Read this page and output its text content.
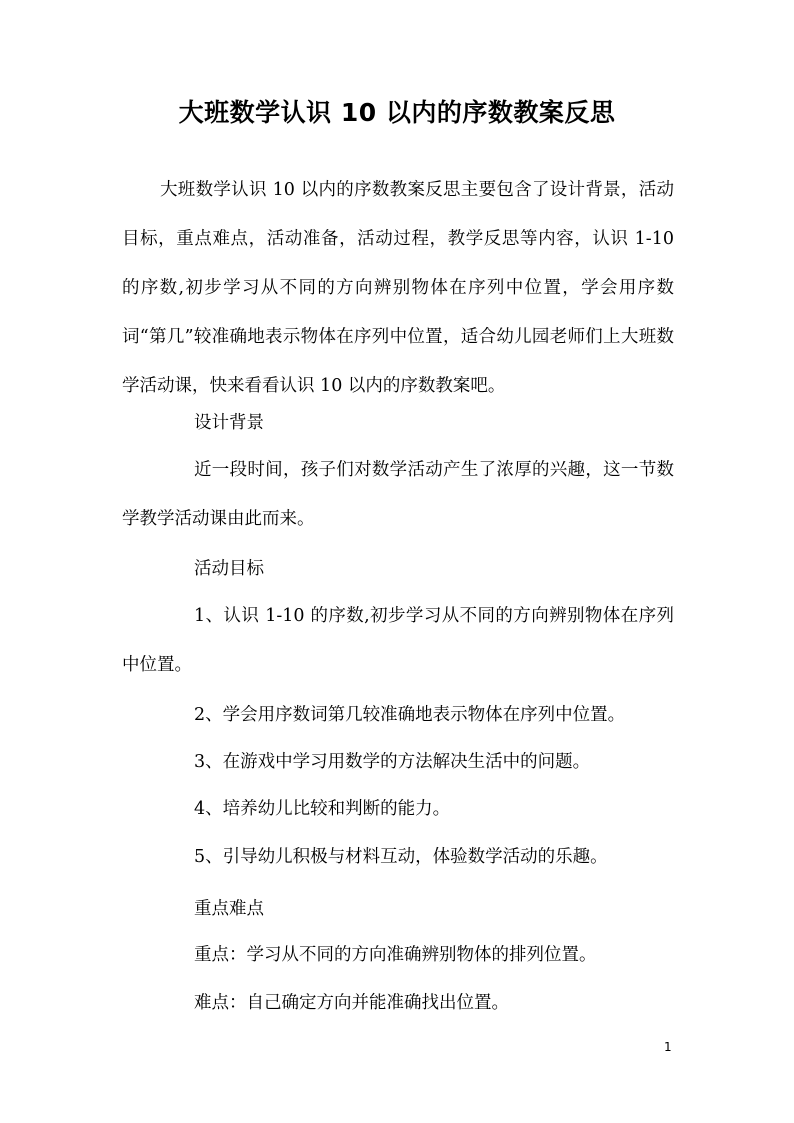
大班数学认识 10 以内的序数教案反思
大班数学认识 10 以内的序数教案反思主要包含了设计背景，活动目标，重点难点，活动准备，活动过程，教学反思等内容，认识 1-10 的序数,初步学习从不同的方向辨别物体在序列中位置，学会用序数词“第几”较准确地表示物体在序列中位置，适合幼儿园老师们上大班数学活动课，快来看看认识 10 以内的序数教案吧。
设计背景
近一段时间，孩子们对数学活动产生了浓厚的兴趣，这一节数学教学活动课由此而来。
活动目标
1、认识 1-10 的序数,初步学习从不同的方向辨别物体在序列中位置。
2、学会用序数词第几较准确地表示物体在序列中位置。
3、在游戏中学习用数学的方法解决生活中的问题。
4、培养幼儿比较和判断的能力。
5、引导幼儿积极与材料互动，体验数学活动的乐趣。
重点难点
重点：学习从不同的方向准确辨别物体的排列位置。
难点：自己确定方向并能准确找出位置。
1
